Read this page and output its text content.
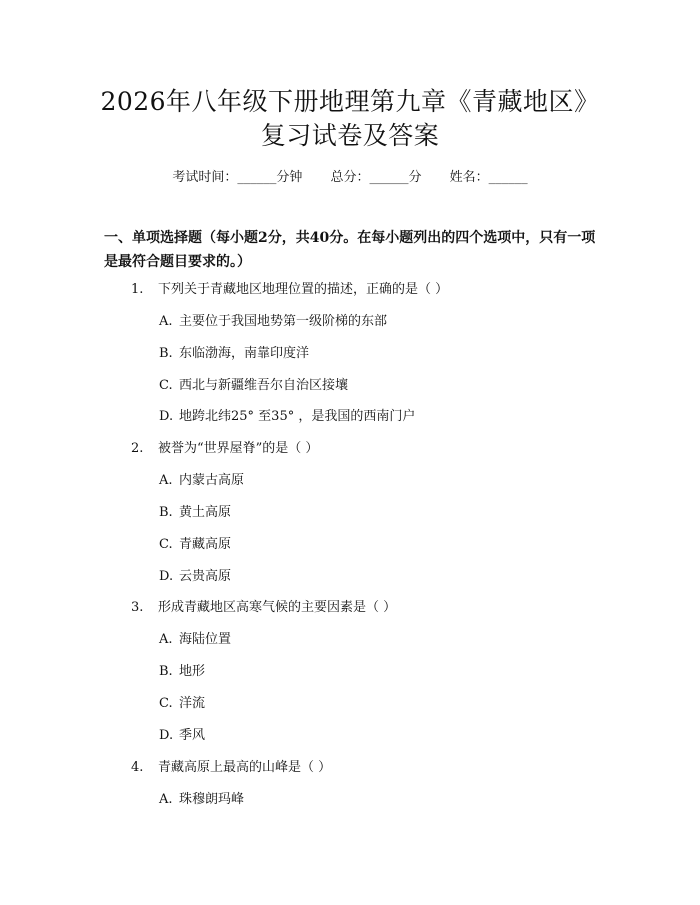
2026年八年级下册地理第九章《青藏地区》
复习试卷及答案
考试时间：______分钟 总分：______分 姓名：______
一、单项选择题（每小题2分，共40分。在每小题列出的四个选项中，只有一项是最符合题目要求的。）
1. 下列关于青藏地区地理位置的描述，正确的是（ ）
A. 主要位于我国地势第一级阶梯的东部
B. 东临渤海，南靠印度洋
C. 西北与新疆维吾尔自治区接壤
D. 地跨北纬25° 至35° ，是我国的西南门户
2. 被誉为“世界屋脊”的是（ ）
A. 内蒙古高原
B. 黄土高原
C. 青藏高原
D. 云贵高原
3. 形成青藏地区高寒气候的主要因素是（ ）
A. 海陆位置
B. 地形
C. 洋流
D. 季风
4. 青藏高原上最高的山峰是（ ）
A. 珠穆朗玛峰
